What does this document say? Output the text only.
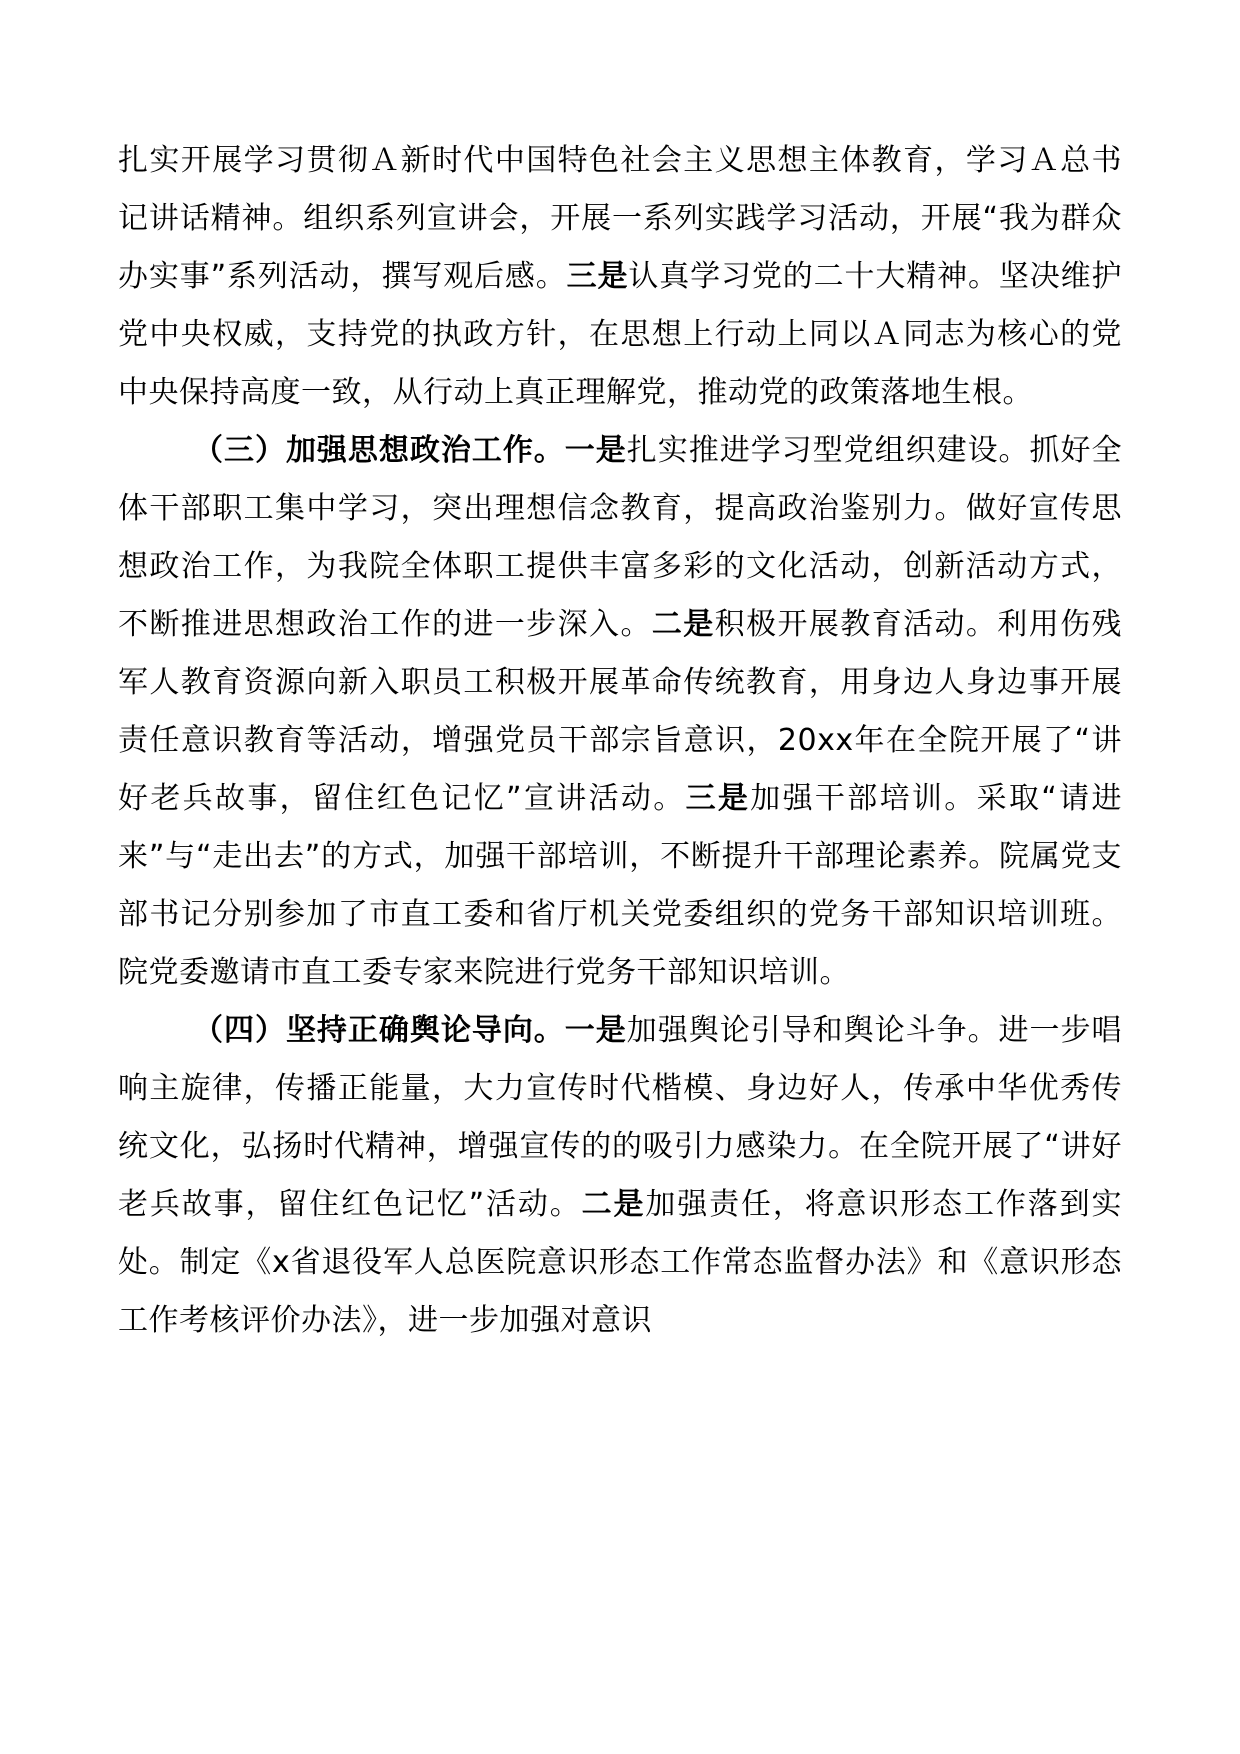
扎实开展学习贯彻Ａ新时代中国特色社会主义思想主体教育，学习Ａ总书记讲话精神。组织系列宣讲会，开展一系列实践学习活动，开展“我为群众办实事”系列活动，撰写观后感。三是认真学习党的二十大精神。坚决维护党中央权威，支持党的执政方针，在思想上行动上同以Ａ同志为核心的党中央保持高度一致，从行动上真正理解党，推动党的政策落地生根。

（三）加强思想政治工作。一是扎实推进学习型党组织建设。抓好全体干部职工集中学习，突出理想信念教育，提高政治鉴别力。做好宣传思想政治工作，为我院全体职工提供丰富多彩的文化活动，创新活动方式，不断推进思想政治工作的进一步深入。二是积极开展教育活动。利用伤残军人教育资源向新入职员工积极开展革命传统教育，用身边人身边事开展责任意识教育等活动，增强党员干部宗旨意识，20xx年在全院开展了“讲好老兵故事，留住红色记忆”宣讲活动。三是加强干部培训。采取“请进来”与“走出去”的方式，加强干部培训，不断提升干部理论素养。院属党支部书记分别参加了市直工委和省厅机关党委组织的党务干部知识培训班。院党委邀请市直工委专家来院进行党务干部知识培训。

（四）坚持正确舆论导向。一是加强舆论引导和舆论斗争。进一步唱响主旋律，传播正能量，大力宣传时代楷模、身边好人，传承中华优秀传统文化，弘扬时代精神，增强宣传的的吸引力感染力。在全院开展了“讲好老兵故事，留住红色记忆”活动。二是加强责任，将意识形态工作落到实处。制定《x省退役军人总医院意识形态工作常态监督办法》和《意识形态工作考核评价办法》，进一步加强对意识
